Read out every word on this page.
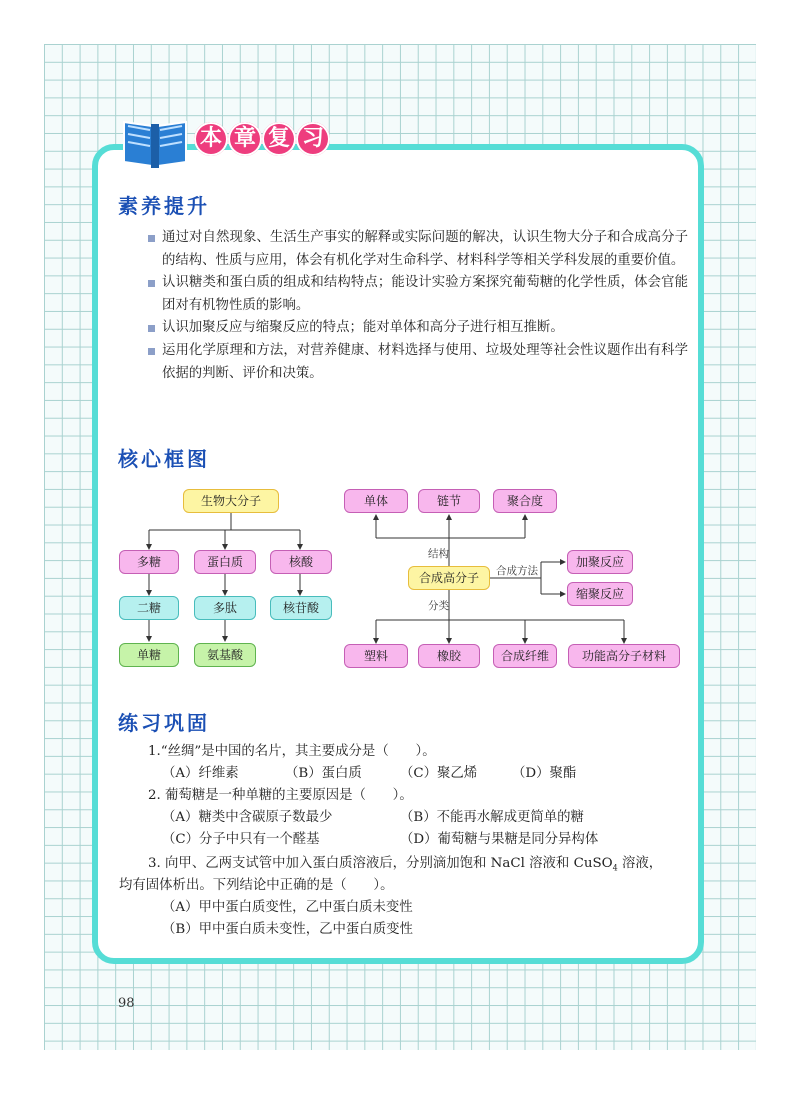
本 章 复 习
素养提升
通过对自然现象、生活生产事实的解释或实际问题的解决，认识生物大分子和合成高分子的结构、性质与应用，体会有机化学对生命科学、材料科学等相关学科发展的重要价值。
认识糖类和蛋白质的组成和结构特点；能设计实验方案探究葡萄糖的化学性质，体会官能团对有机物性质的影响。
认识加聚反应与缩聚反应的特点；能对单体和高分子进行相互推断。
运用化学原理和方法，对营养健康、材料选择与使用、垃圾处理等社会性议题作出有科学依据的判断、评价和决策。
核心框图
生物大分子
多糖	蛋白质	核酸
二糖	多肽	核苷酸
单糖	氨基酸
单体	链节	聚合度
结构
合成高分子	合成方法
加聚反应
缩聚反应
分类
塑料	橡胶	合成纤维	功能高分子材料
练习巩固
1.“丝绸”是中国的名片，其主要成分是（　　）。
（A）纤维素	（B）蛋白质	（C）聚乙烯	（D）聚酯
2. 葡萄糖是一种单糖的主要原因是（　　）。
（A）糖类中含碳原子数最少	（B）不能再水解成更简单的糖
（C）分子中只有一个醛基	（D）葡萄糖与果糖是同分异构体
3. 向甲、乙两支试管中加入蛋白质溶液后，分别滴加饱和 NaCl 溶液和 CuSO$_4$ 溶液，
均有固体析出。下列结论中正确的是（　　）。
（A）甲中蛋白质变性，乙中蛋白质未变性
（B）甲中蛋白质未变性，乙中蛋白质变性
98
